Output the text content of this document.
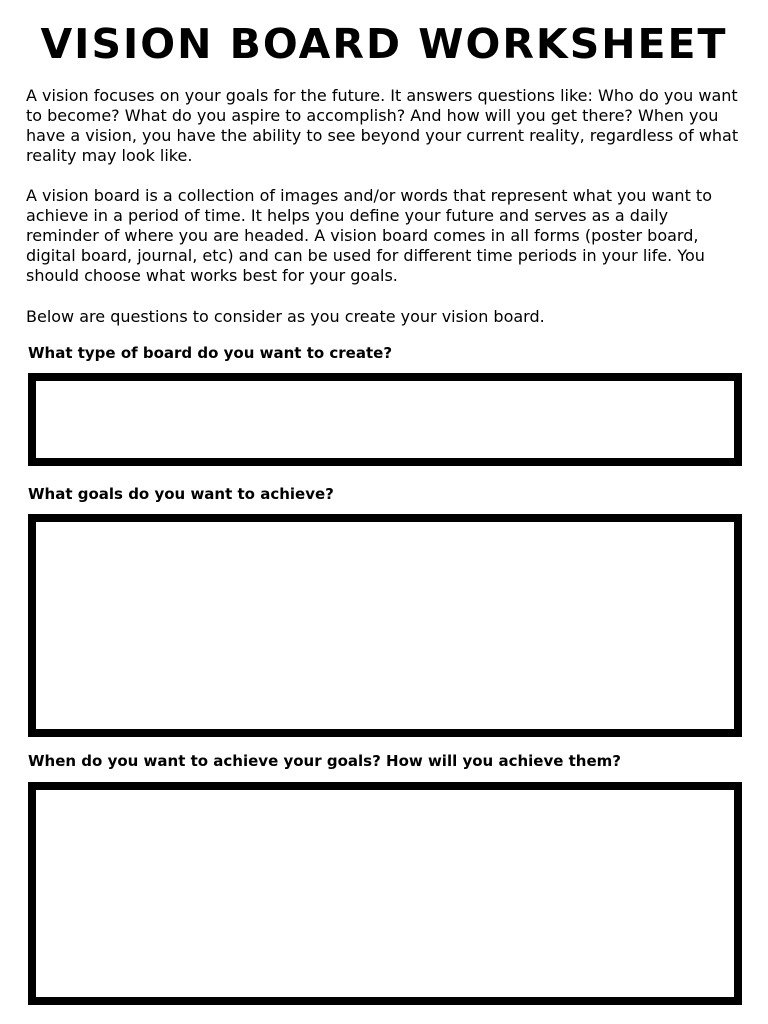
VISION BOARD WORKSHEET

A vision focuses on your goals for the future. It answers questions like: Who do you want to become? What do you aspire to accomplish? And how will you get there? When you have a vision, you have the ability to see beyond your current reality, regardless of what reality may look like.

A vision board is a collection of images and/or words that represent what you want to achieve in a period of time. It helps you define your future and serves as a daily reminder of where you are headed. A vision board comes in all forms (poster board, digital board, journal, etc) and can be used for different time periods in your life. You should choose what works best for your goals.

Below are questions to consider as you create your vision board.

What type of board do you want to create?

What goals do you want to achieve?

When do you want to achieve your goals? How will you achieve them?
